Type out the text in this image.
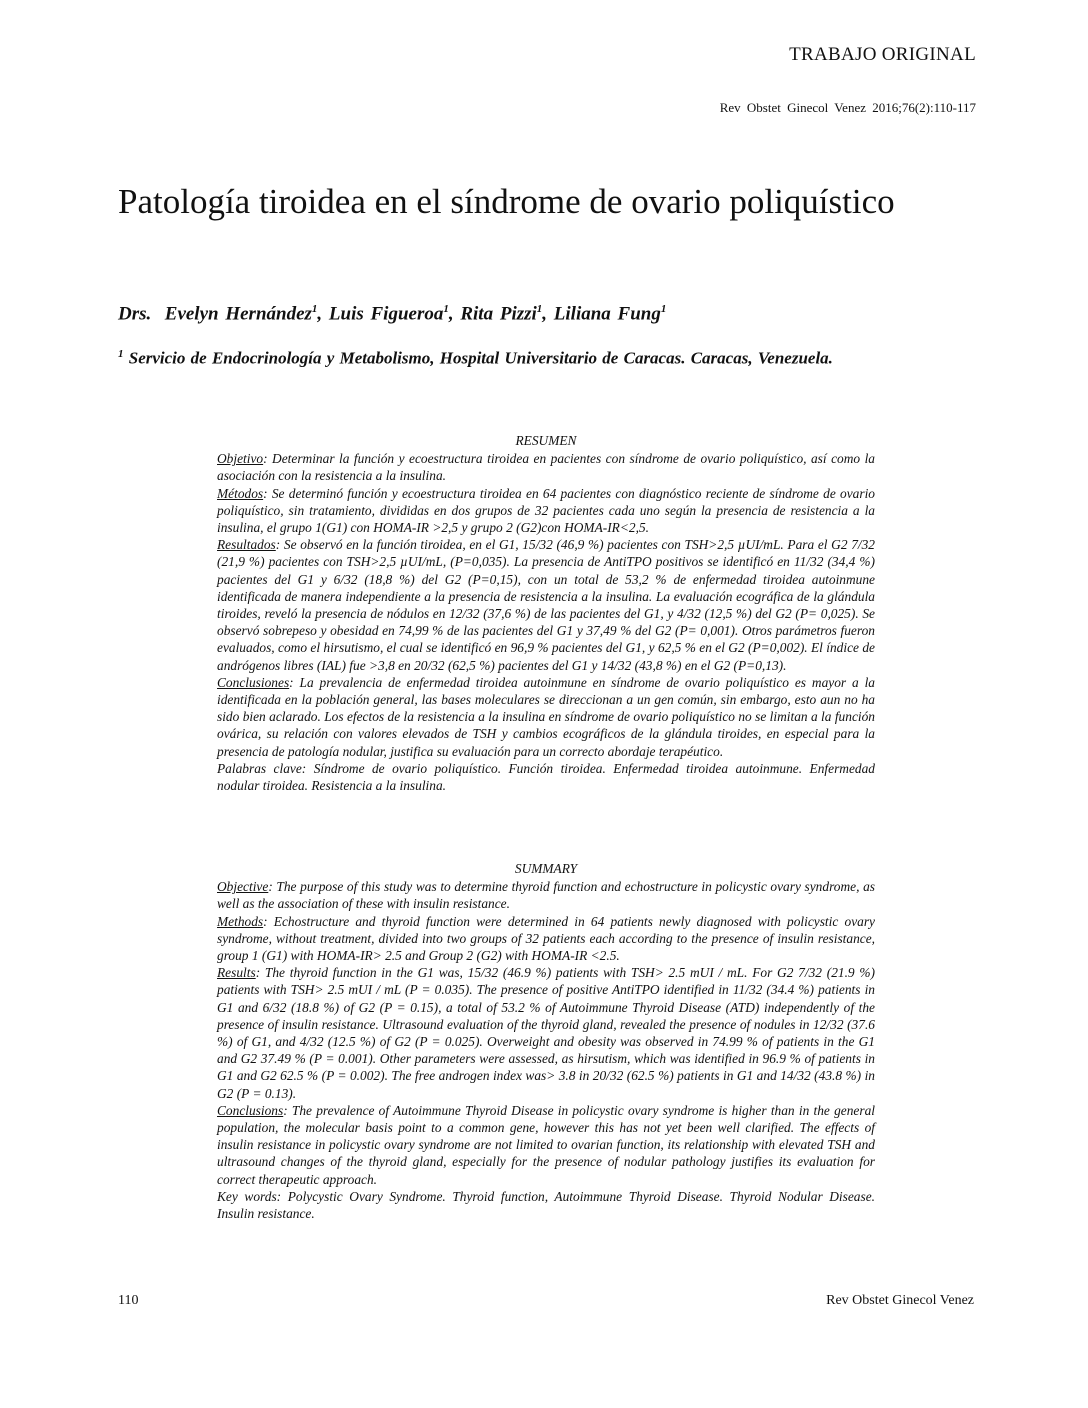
TRABAJO ORIGINAL
Rev Obstet Ginecol Venez 2016;76(2):110-117
Patología tiroidea en el síndrome de ovario poliquístico
Drs. Evelyn Hernández$^1$, Luis Figueroa$^1$, Rita Pizzi$^1$, Liliana Fung$^1$
$^1$ Servicio de Endocrinología y Metabolismo, Hospital Universitario de Caracas. Caracas, Venezuela.
RESUMEN

Objetivo: Determinar la función y ecoestructura tiroidea en pacientes con síndrome de ovario poliquístico, así como la asociación con la resistencia a la insulina.

Métodos: Se determinó función y ecoestructura tiroidea en 64 pacientes con diagnóstico reciente de síndrome de ovario poliquístico, sin tratamiento, divididas en dos grupos de 32 pacientes cada uno según la presencia de resistencia a la insulina, el grupo 1(G1) con HOMA-IR >2,5 y grupo 2 (G2)con HOMA-IR<2,5.

Resultados: Se observó en la función tiroidea, en el G1, 15/32 (46,9 %) pacientes con TSH>2,5 µUI/mL. Para el G2 7/32 (21,9 %) pacientes con TSH>2,5 µUI/mL, (P=0,035). La presencia de AntiTPO positivos se identificó en 11/32 (34,4 %) pacientes del G1 y 6/32 (18,8 %) del G2 (P=0,15), con un total de 53,2 % de enfermedad tiroidea autoinmune identificada de manera independiente a la presencia de resistencia a la insulina. La evaluación ecográfica de la glándula tiroides, reveló la presencia de nódulos en 12/32 (37,6 %) de las pacientes del G1, y 4/32 (12,5 %) del G2 (P= 0,025). Se observó sobrepeso y obesidad en 74,99 % de las pacientes del G1 y 37,49 % del G2 (P= 0,001). Otros parámetros fueron evaluados, como el hirsutismo, el cual se identificó en 96,9 % pacientes del G1, y 62,5 % en el G2 (P=0,002). El índice de andrógenos libres (IAL) fue >3,8 en 20/32 (62,5 %) pacientes del G1 y 14/32 (43,8 %) en el G2 (P=0,13).

Conclusiones: La prevalencia de enfermedad tiroidea autoinmune en síndrome de ovario poliquístico es mayor a la identificada en la población general, las bases moleculares se direccionan a un gen común, sin embargo, esto aun no ha sido bien aclarado. Los efectos de la resistencia a la insulina en síndrome de ovario poliquístico no se limitan a la función ovárica, su relación con valores elevados de TSH y cambios ecográficos de la glándula tiroides, en especial para la presencia de patología nodular, justifica su evaluación para un correcto abordaje terapéutico.

Palabras clave: Síndrome de ovario poliquístico. Función tiroidea. Enfermedad tiroidea autoinmune. Enfermedad nodular tiroidea. Resistencia a la insulina.

SUMMARY

Objective: The purpose of this study was to determine thyroid function and echostructure in policystic ovary syndrome, as well as the association of these with insulin resistance.

Methods: Echostructure and thyroid function were determined in 64 patients newly diagnosed with policystic ovary syndrome, without treatment, divided into two groups of 32 patients each according to the presence of insulin resistance, group 1 (G1) with HOMA-IR> 2.5 and Group 2 (G2) with HOMA-IR <2.5.

Results: The thyroid function in the G1 was, 15/32 (46.9 %) patients with TSH> 2.5 mUI / mL. For G2 7/32 (21.9 %) patients with TSH> 2.5 mUI / mL (P = 0.035). The presence of positive AntiTPO identified in 11/32 (34.4 %) patients in G1 and 6/32 (18.8 %) of G2 (P = 0.15), a total of 53.2 % of Autoimmune Thyroid Disease (ATD) independently of the presence of insulin resistance. Ultrasound evaluation of the thyroid gland, revealed the presence of nodules in 12/32 (37.6 %) of G1, and 4/32 (12.5 %) of G2 (P = 0.025). Overweight and obesity was observed in 74.99 % of patients in the G1 and G2 37.49 % (P = 0.001). Other parameters were assessed, as hirsutism, which was identified in 96.9 % of patients in G1 and G2 62.5 % (P = 0.002). The free androgen index was> 3.8 in 20/32 (62.5 %) patients in G1 and 14/32 (43.8 %) in G2 (P = 0.13).

Conclusions: The prevalence of Autoimmune Thyroid Disease in policystic ovary syndrome is higher than in the general population, the molecular basis point to a common gene, however this has not yet been well clarified. The effects of insulin resistance in policystic ovary syndrome are not limited to ovarian function, its relationship with elevated TSH and ultrasound changes of the thyroid gland, especially for the presence of nodular pathology justifies its evaluation for correct therapeutic approach.

Key words: Polycystic Ovary Syndrome. Thyroid function, Autoimmune Thyroid Disease. Thyroid Nodular Disease. Insulin resistance.

110	Rev Obstet Ginecol Venez
